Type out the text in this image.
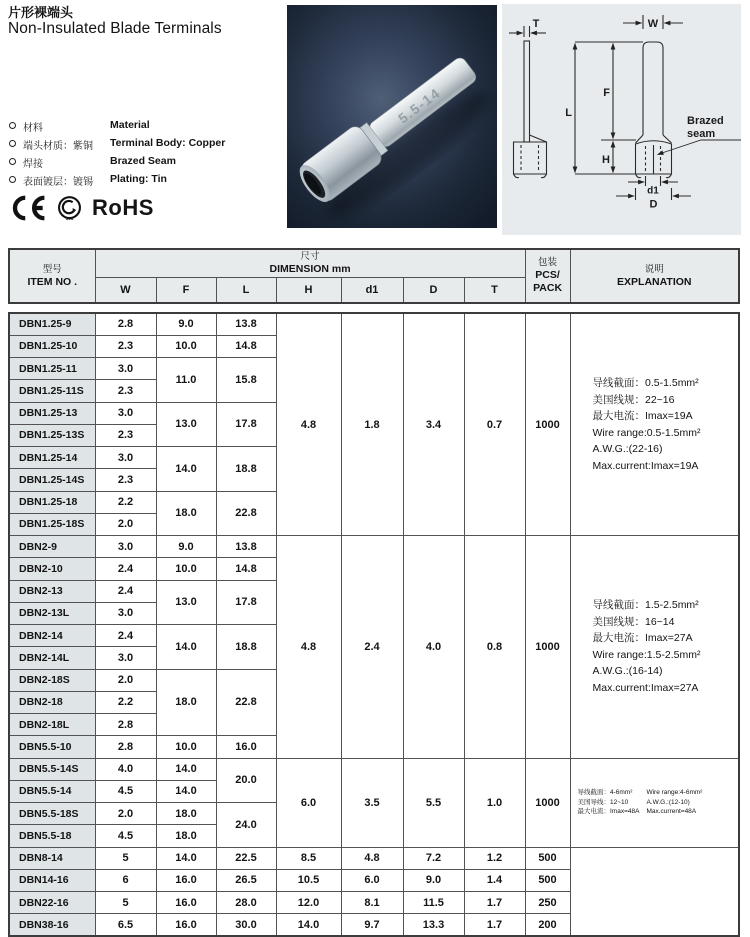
片形裸端头
Non-Insulated Blade Terminals
材料	Material
端头材质：紫铜	Terminal Body: Copper
焊接	Brazed Seam
表面镀层：镀锡	Plating: Tin
361 RoHS
5.5-14
T	W
F
L
H
d1
D
Brazed
seam
型号
ITEM NO .

尺寸
DIMENSION mm

包装
PCS/
PACK

说明
EXPLANATION

	W	F	L	H	d1	D	T		
DBN1.25-9	2.8	9.0	13.8	4.8	1.8	3.4	0.7	1000	
导线截面：0.5-1.5mm²
美国线规：22~16
最大电流：Imax=19A
Wire range:0.5-1.5mm²
A.W.G.:(22-16)
Max.current:Imax=19A

DBN1.25-10	2.3	10.0	14.8						
DBN1.25-11	3.0	11.0	15.8						
DBN1.25-11S	2.3								
DBN1.25-13	3.0	13.0	17.8						
DBN1.25-13S	2.3								
DBN1.25-14	3.0	14.0	18.8						
DBN1.25-14S	2.3								
DBN1.25-18	2.2	18.0	22.8						
DBN1.25-18S	2.0								
DBN2-9	3.0	9.0	13.8	4.8	2.4	4.0	0.8	1000	
导线截面：1.5-2.5mm²
美国线规：16~14
最大电流：Imax=27A
Wire range:1.5-2.5mm²
A.W.G.:(16-14)
Max.current:Imax=27A

DBN2-10	2.4	10.0	14.8						
DBN2-13	2.4	13.0	17.8						
DBN2-13L	3.0								
DBN2-14	2.4	14.0	18.8						
DBN2-14L	3.0								
DBN2-18S	2.0	18.0	22.8						
DBN2-18	2.2								
DBN2-18L	2.8								
DBN5.5-10	2.8	10.0	16.0						
DBN5.5-14S	4.0	14.0	20.0	6.0	3.5	5.5	1.0	1000	
导线截面：4-6mm²
美国导线：12~10
最大电流：Imax=48A
Wire range:4-6mm²
A.W.G.:(12-10)
Max.current=48A

DBN5.5-14	4.5	14.0							
DBN5.5-18S	2.0	18.0	24.0						
DBN5.5-18	4.5	18.0							
DBN8-14	5	14.0	22.5	8.5	4.8	7.2	1.2	500	
DBN14-16	6	16.0	26.5	10.5	6.0	9.0	1.4	500	
DBN22-16	5	16.0	28.0	12.0	8.1	11.5	1.7	250	
DBN38-16	6.5	16.0	30.0	14.0	9.7	13.3	1.7	200	
